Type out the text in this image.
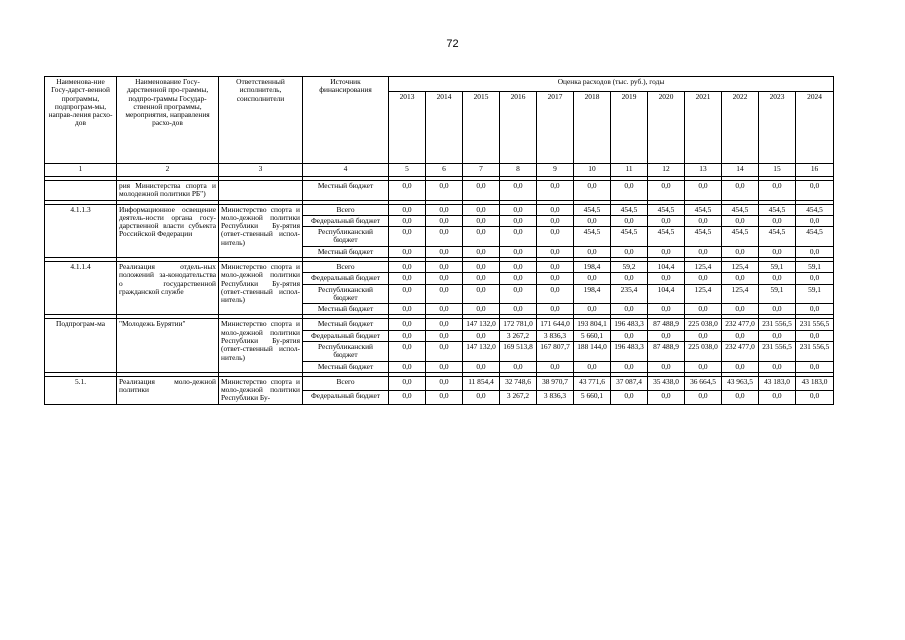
72
Наименова-ние Госу-дарст-венной программы, подпрограм-мы, направ-ления расхо-дов	Наименование Госу-дарственной про-граммы, подпро-граммы Государ-ственной программы, мероприятия, направления расхо-дов	Ответственный исполнитель, соисполнители	Источник финансирования	Оценка расходов (тыс. руб.), годы											
				2013	2014	2015	2016	2017	2018	2019	2020	2021	2022	2023	2024
1	2	3	4	5	6	7	8	9	10	11	12	13	14	15	16

	рия Министерства спорта и молодежной политики РБ")		Местный бюджет	0,0	0,0	0,0	0,0	0,0	0,0	0,0	0,0	0,0	0,0	0,0	0,0

4.1.1.3	Информационное освещение деятель-ности органа госу-дарственной власти субъекта Российской Федерации	Министерство спорта и моло-дежной политики Республики Бу-рятия (ответ-ственный испол-нитель)	Всего	0,0	0,0	0,0	0,0	0,0	454,5	454,5	454,5	454,5	454,5	454,5	454,5
			Федеральный бюджет	0,0	0,0	0,0	0,0	0,0	0,0	0,0	0,0	0,0	0,0	0,0	0,0
			Республиканский бюджет	0,0	0,0	0,0	0,0	0,0	454,5	454,5	454,5	454,5	454,5	454,5	454,5
			Местный бюджет	0,0	0,0	0,0	0,0	0,0	0,0	0,0	0,0	0,0	0,0	0,0	0,0

4.1.1.4	Реализация отдель-ных положений за-конодательства о государственной гражданской службе	Министерство спорта и моло-дежной политики Республики Бу-рятия (ответ-ственный испол-нитель)	Всего	0,0	0,0	0,0	0,0	0,0	198,4	59,2	104,4	125,4	125,4	59,1	59,1
			Федеральный бюджет	0,0	0,0	0,0	0,0	0,0	0,0	0,0	0,0	0,0	0,0	0,0	0,0
			Республиканский бюджет	0,0	0,0	0,0	0,0	0,0	198,4	235,4	104,4	125,4	125,4	59,1	59,1
			Местный бюджет	0,0	0,0	0,0	0,0	0,0	0,0	0,0	0,0	0,0	0,0	0,0	0,0

Подпрограм-ма	"Молодежь Бурятии"	Министерство спорта и моло-дежной политики Республики Бу-рятия (ответ-ственный испол-нитель)	Местный бюджет	0,0	0,0	147 132,0	172 781,0	171 644,0	193 804,1	196 483,3	87 488,9	225 038,0	232 477,0	231 556,5	231 556,5
			Федеральный бюджет	0,0	0,0	0,0	3 267,2	3 836,3	5 660,1	0,0	0,0	0,0	0,0	0,0	0,0
			Республиканский бюджет	0,0	0,0	147 132,0	169 513,8	167 807,7	188 144,0	196 483,3	87 488,9	225 038,0	232 477,0	231 556,5	231 556,5
			Местный бюджет	0,0	0,0	0,0	0,0	0,0	0,0	0,0	0,0	0,0	0,0	0,0	0,0

5.1.	Реализация моло-дежной политики	Министерство спорта и моло-дежной политики Республики Бу-	Всего	0,0	0,0	11 854,4	32 748,6	38 970,7	43 771,6	37 087,4	35 438,0	36 664,5	43 963,5	43 183,0	43 183,0
			Федеральный бюджет	0,0	0,0	0,0	3 267,2	3 836,3	5 660,1	0,0	0,0	0,0	0,0	0,0	0,0
